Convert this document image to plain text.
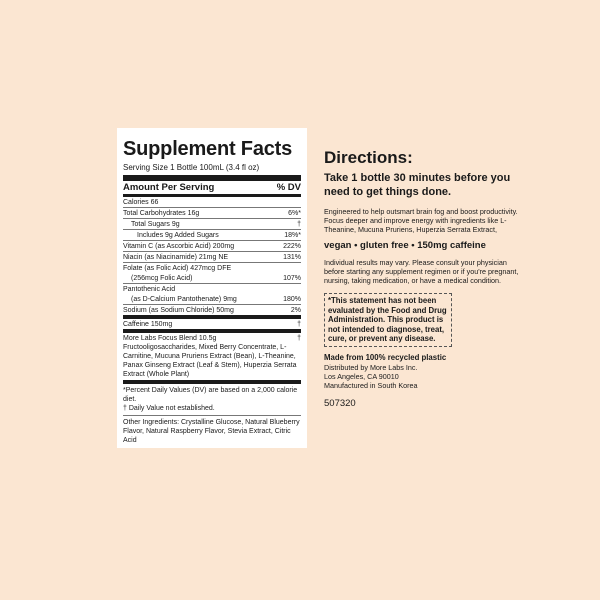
Supplement Facts
Serving Size 1 Bottle 100mL (3.4 fl oz)
Amount Per Serving	% DV
Calories 66
Total Carbohydrates 16g	6%*
Total Sugars 9g	†
Includes 9g Added Sugars	18%*
Vitamin C (as Ascorbic Acid) 200mg	222%
Niacin (as Niacinamide) 21mg NE	131%
Folate (as Folic Acid) 427mcg DFE
(256mcg Folic Acid)	107%
Pantothenic Acid
(as D-Calcium Pantothenate) 9mg	180%
Sodium (as Sodium Chloride) 50mg	2%
Caffeine 150mg	†
More Labs Focus Blend 10.5g	†
Fructooligosaccharides, Mixed Berry Concentrate, L-Carnitine, Mucuna Pruriens Extract (Bean), L-Theanine, Panax Ginseng Extract (Leaf & Stem), Huperzia Serrata Extract (Whole Plant)
*Percent Daily Values (DV) are based on a 2,000 calorie diet.
† Daily Value not established.
Other Ingredients: Crystalline Glucose, Natural Blueberry Flavor, Natural Raspberry Flavor, Stevia Extract, Citric Acid
Directions:
Take 1 bottle 30 minutes before you need to get things done.
Engineered to help outsmart brain fog and boost productivity. Focus deeper and improve energy with ingredients like L-Theanine, Mucuna Pruriens, Huperzia Serrata Extract,
vegan • gluten free • 150mg caffeine
Individual results may vary. Please consult your physician before starting any supplement regimen or if you're pregnant, nursing, taking medication, or have a medical condition.
*This statement has not been evaluated by the Food and Drug Administration. This product is not intended to diagnose, treat, cure, or prevent any disease.
Made from 100% recycled plastic
Distributed by More Labs Inc.
Los Angeles, CA 90010
Manufactured in South Korea
507320
